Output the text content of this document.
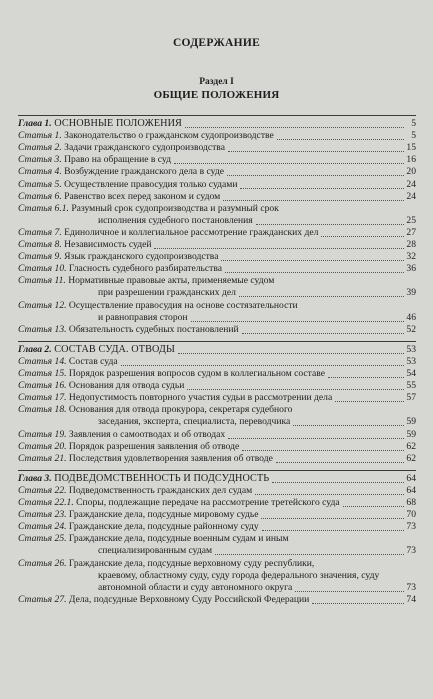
СОДЕРЖАНИЕ
Раздел I
ОБЩИЕ ПОЛОЖЕНИЯ
Глава 1. ОСНОВНЫЕ ПОЛОЖЕНИЯ	5
Статья 1. Законодательство о гражданском судопроизводстве	5
Статья 2. Задачи гражданского судопроизводства	15
Статья 3. Право на обращение в суд	16
Статья 4. Возбуждение гражданского дела в суде	20
Статья 5. Осуществление правосудия только судами	24
Статья 6. Равенство всех перед законом и судом	24
Статья 6.1. Разумный срок судопроизводства и разумный срок
исполнения судебного постановления	25
Статья 7. Единоличное и коллегиальное рассмотрение гражданских дел	27
Статья 8. Независимость судей	28
Статья 9. Язык гражданского судопроизводства	32
Статья 10. Гласность судебного разбирательства	36
Статья 11. Нормативные правовые акты, применяемые судом
при разрешении гражданских дел	39
Статья 12. Осуществление правосудия на основе состязательности
и равноправия сторон	46
Статья 13. Обязательность судебных постановлений	52
Глава 2. СОСТАВ СУДА. ОТВОДЫ	53
Статья 14. Состав суда	53
Статья 15. Порядок разрешения вопросов судом в коллегиальном составе	54
Статья 16. Основания для отвода судьи	55
Статья 17. Недопустимость повторного участия судьи в рассмотрении дела	57
Статья 18. Основания для отвода прокурора, секретаря судебного
заседания, эксперта, специалиста, переводчика	59
Статья 19. Заявления о самоотводах и об отводах	59
Статья 20. Порядок разрешения заявления об отводе	62
Статья 21. Последствия удовлетворения заявления об отводе	62
Глава 3. ПОДВЕДОМСТВЕННОСТЬ И ПОДСУДНОСТЬ	64
Статья 22. Подведомственность гражданских дел судам	64
Статья 22.1. Споры, подлежащие передаче на рассмотрение третейского суда	68
Статья 23. Гражданские дела, подсудные мировому судье	70
Статья 24. Гражданские дела, подсудные районному суду	73
Статья 25. Гражданские дела, подсудные военным судам и иным
специализированным судам	73
Статья 26. Гражданские дела, подсудные верховному суду республики,
краевому, областному суду, суду города федерального значения, суду
автономной области и суду автономного округа	73
Статья 27. Дела, подсудные Верховному Суду Российской Федерации	74
